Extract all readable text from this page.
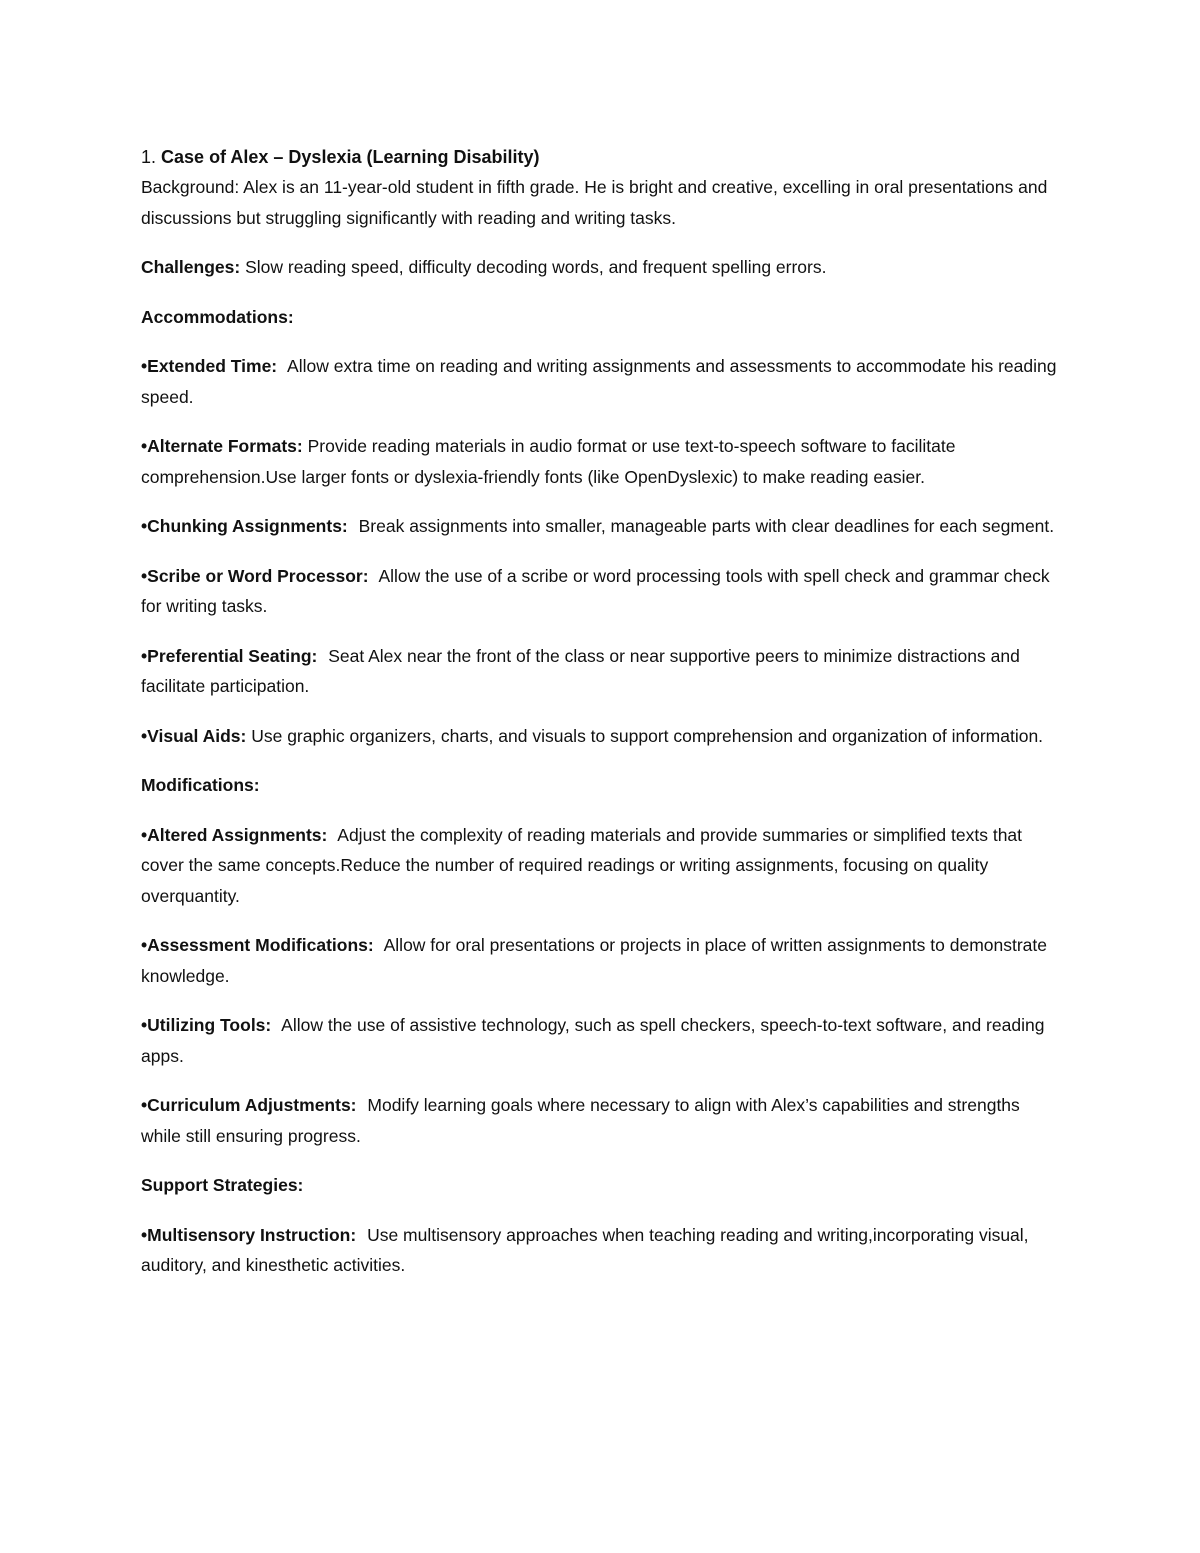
1. Case of Alex – Dyslexia (Learning Disability)

Background: Alex is an 11-year-old student in fifth grade. He is bright and creative, excelling in oral presentations and discussions but struggling significantly with reading and writing tasks.

Challenges: Slow reading speed, difficulty decoding words, and frequent spelling errors.

Accommodations:

•Extended Time: Allow extra time on reading and writing assignments and assessments to accommodate his reading speed.

•Alternate Formats: Provide reading materials in audio format or use text-to-speech software to facilitate comprehension.Use larger fonts or dyslexia-friendly fonts (like OpenDyslexic) to make reading easier.

•Chunking Assignments: Break assignments into smaller, manageable parts with clear deadlines for each segment.

•Scribe or Word Processor: Allow the use of a scribe or word processing tools with spell check and grammar check for writing tasks.

•Preferential Seating: Seat Alex near the front of the class or near supportive peers to minimize distractions and facilitate participation.

•Visual Aids: Use graphic organizers, charts, and visuals to support comprehension and organization of information.

Modifications:

•Altered Assignments: Adjust the complexity of reading materials and provide summaries or simplified texts that cover the same concepts.Reduce the number of required readings or writing assignments, focusing on quality overquantity.

•Assessment Modifications: Allow for oral presentations or projects in place of written assignments to demonstrate knowledge.

•Utilizing Tools: Allow the use of assistive technology, such as spell checkers, speech-to-text software, and reading apps.

•Curriculum Adjustments: Modify learning goals where necessary to align with Alex’s capabilities and strengths while still ensuring progress.

Support Strategies:

•Multisensory Instruction: Use multisensory approaches when teaching reading and writing,incorporating visual, auditory, and kinesthetic activities.
